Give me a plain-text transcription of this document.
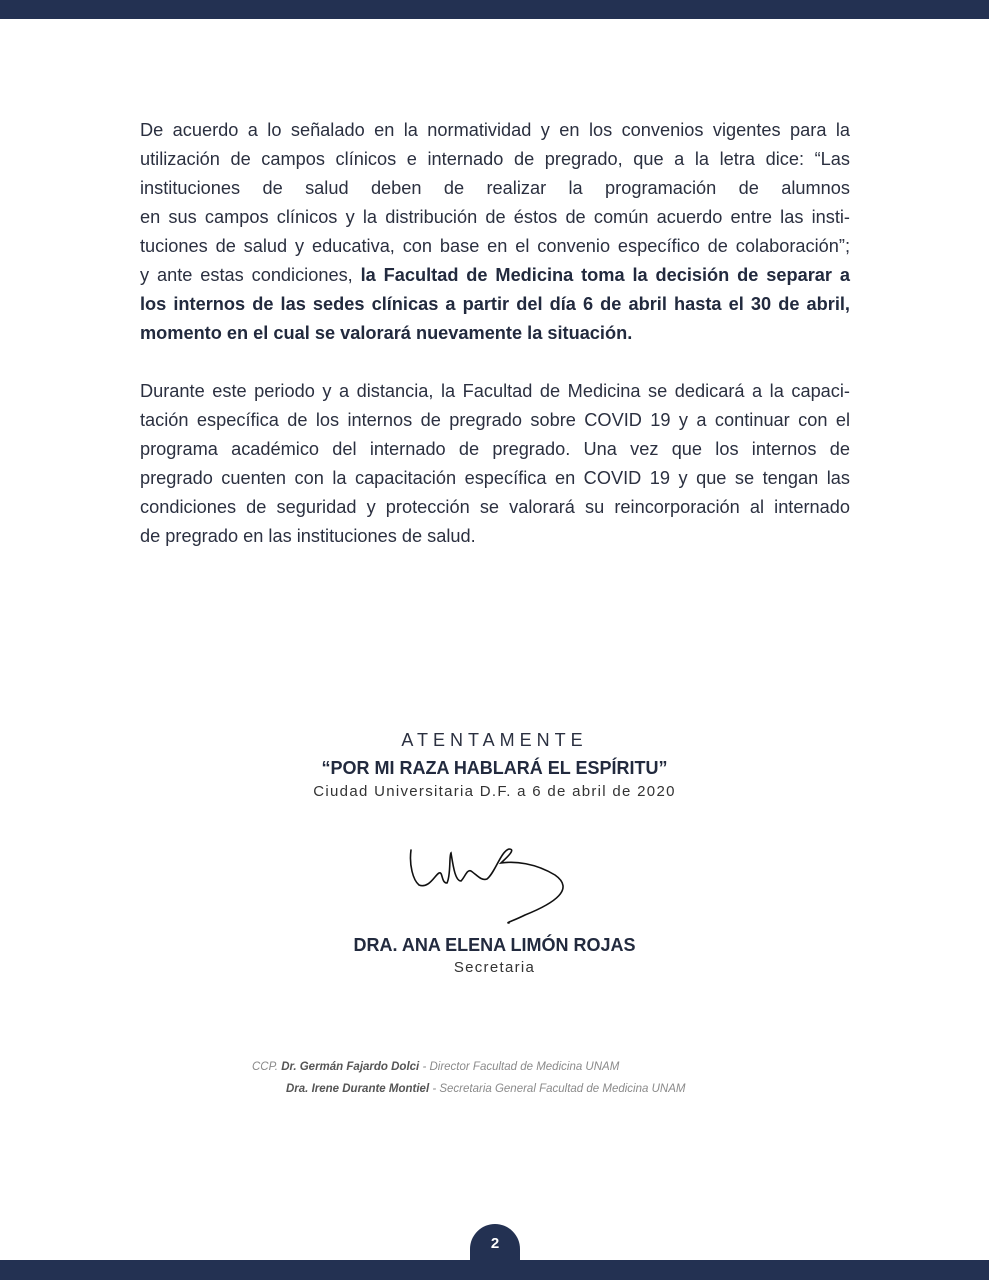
De acuerdo a lo señalado en la normatividad y en los convenios vigentes para la
utilización de campos clínicos e internado de pregrado, que a la letra dice: “Las
instituciones de salud deben de realizar la programación de alumnos
en sus campos clínicos y la distribución de éstos de común acuerdo entre las insti-
tuciones de salud y educativa, con base en el convenio específico de colaboración”;
y ante estas condiciones, la Facultad de Medicina toma la decisión de separar a
los internos de las sedes clínicas a partir del día 6 de abril hasta el 30 de abril,
momento en el cual se valorará nuevamente la situación.
Durante este periodo y a distancia, la Facultad de Medicina se dedicará a la capaci-
tación específica de los internos de pregrado sobre COVID 19 y a continuar con el
programa académico del internado de pregrado. Una vez que los internos de
pregrado cuenten con la capacitación específica en COVID 19 y que se tengan las
condiciones de seguridad y protección se valorará su reincorporación al internado
de pregrado en las instituciones de salud.
ATENTAMENTE
“POR MI RAZA HABLARÁ EL ESPÍRITU”
Ciudad Universitaria D.F. a 6 de abril de 2020
DRA. ANA ELENA LIMÓN ROJAS
Secretaria
CCP. Dr. Germán Fajardo Dolci - Director Facultad de Medicina UNAM
Dra. Irene Durante Montiel - Secretaria General Facultad de Medicina UNAM
2
